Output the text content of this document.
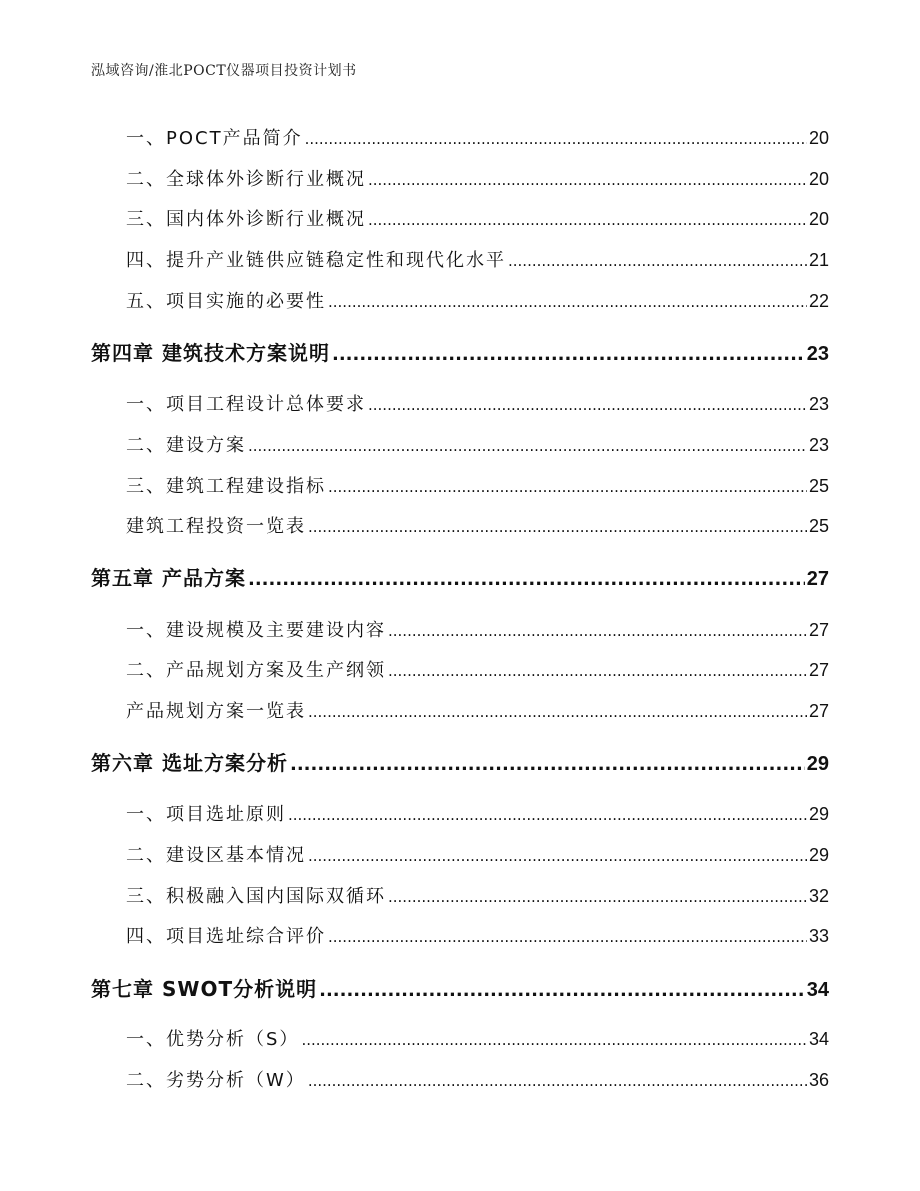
泓域咨询/淮北POCT仪器项目投资计划书
一、 POCT产品简介 .....	20
二、 全球体外诊断行业概况 .....	20
三、 国内体外诊断行业概况 .....	20
四、 提升产业链供应链稳定性和现代化水平 .....	21
五、 项目实施的必要性 .....	22
第四章 建筑技术方案说明 .....	23
一、 项目工程设计总体要求 .....	23
二、 建设方案 .....	23
三、 建筑工程建设指标 .....	25
建筑工程投资一览表 .....	25
第五章 产品方案 .....	27
一、 建设规模及主要建设内容 .....	27
二、 产品规划方案及生产纲领 .....	27
产品规划方案一览表 .....	27
第六章 选址方案分析 .....	29
一、 项目选址原则 .....	29
二、 建设区基本情况 .....	29
三、 积极融入国内国际双循环 .....	32
四、 项目选址综合评价 .....	33
第七章 SWOT分析说明 .....	34
一、 优势分析（S） .....	34
二、 劣势分析（W） .....	36
